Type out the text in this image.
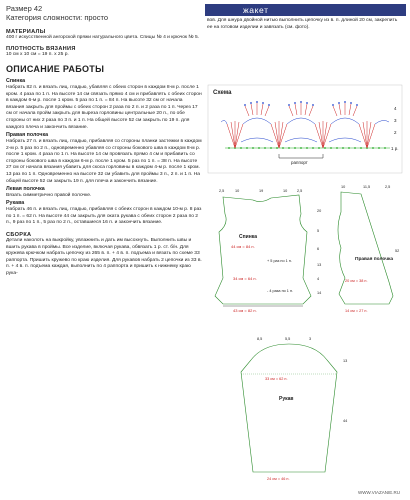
Размер 42
Категория сложности: просто
МАТЕРИАЛЫ

400 г искусственной ангорской пряжи натурального цвета. Спицы № 4 и крючок № 5.

ПЛОТНОСТЬ ВЯЗАНИЯ

10 см x 10 см = 19 п. x 25 р.

ОПИСАНИЕ РАБОТЫ
Спинка

Набрать 82 п. и вязать лиц. гладью, убавляя с обеих сторон в каждом 8-м р. после 1 кром. 4 раза по 1 п. На высоте 14 см связать прямо 4 см и прибавлять с обеих сторон в каждом 6-м р. после 1 кром. 5 раз по 1 п. = 84 п. На высоте 32 см от начала вязания закрыть для проймы с обеих сторон 2 раза по 2 п. и 2 раза по 1 п. Через 17 см от начала пройм закрыть для выреза горловины центральные 20 п., по обе стороны от них 2 раза по 3 п. и 1 п. На общей высоте 52 см закрыть по 19 п. для каждого плеча и закончить вязание.

Правая полочка

Набрать 27 п. и вязать лиц. гладью, прибавляя со стороны планки застежки в каждом 2-м р. 5 раз по 2 п., одновременно убавляя со стороны бокового шва в каждом 8-м р. после 1 кром. 4 раза по 1 п. На высоте 14 см провязать прямо 4 см и прибавить со стороны бокового шва в каждом 6-м р. после 1 кром. 5 раз по 1 п. = 38 п. На высоте 27 см от начала вязания убавить для скоса горловины в каждом 4-м р. после 1 кром. 13 раз по 1 п. Одновременно на высоте 32 см убавить для проймы 3 п., 2 п. и 1 п. На общей высоте 52 см закрыть 19 п. для плеча и закончить вязание.

Левая полочка

Вязать симметрично правой полочке.

Рукава

Набрать 46 п. и вязать лиц. гладью, прибавляя с обеих сторон в каждом 10-м р. 8 раз по 1 п. = 62 п. На высоте 44 см закрыть для окатa рукава с обеих сторон 2 раза по 2 п., 9 раз по 1 п., 5 раз по 2 п., оставшиеся 16 п. и закончить вязание.

СБОРКА

Детали наколоть на выкройку, увлажнить и дать им высохнуть. Выполнить швы и вшить рукава в проймы. Все изделие, включая рукава, обвязать 1 р. ст. б/н. Для кружева крючком набрать цепочку из 265 в. п. + 4 в. п. подъема и вязать по схеме 33 раппорта. Пришить кружево по краю изделия. Для рукавов набрать 2 цепочки из 33 в. п. + 4 в. п. подъема каждая, выполнить по 4 раппорта и пришить к нижнему краю рука-

жакет

вов. Для шнура двойной нитью выполнить цепочку из в. п. длиной 20 см, закрепить ее на готовом изделии и завязать (см. фото).

Схема
4
3
2
1 р.
раппорт
2,5	10	19	10	2,5
20
5
6
13
4
14
+ 5 раз по 1 п.
- 4 раза по 1 п.
Спинка
44 см = 84 п.
34 см = 64 п.
43 см = 82 п.
10	11,5	2,5
52
Правая полочка
20 см = 38 п.
14 см = 27 п.
8,5	5,5	3
13
44
Рукав
33 см = 62 п.
24 см = 46 п.
WWW.VIAZANIE.RU
